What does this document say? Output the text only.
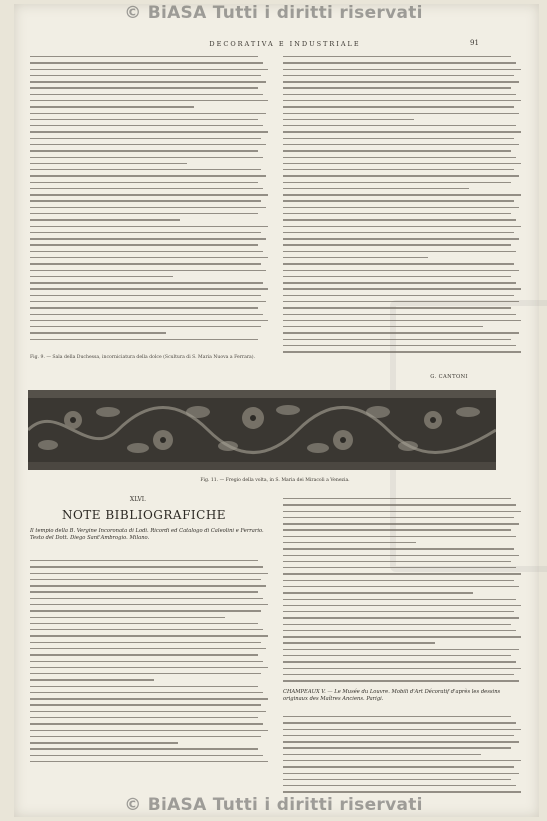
© BiASA Tutti i diritti riservati
© BiASA Tutti i diritti riservati
DECORATIVA E INDUSTRIALE	91
Fig. 9. — Sala della Duchessa, incorniciatura della dolce (Scultura di S. Maria Nuova a Ferrara).
G. CANTONI
Fig. 11. — Fregio della volta, in S. Maria dei Miracoli a Venezia.
XLVI.
NOTE BIBLIOGRAFICHE
Il tempio della B. Vergine Incoronata di Lodi. Ricordi ed Catalogo di Caleolini e Ferrario. Testo del Dott. Diego Sant'Ambrogio. Milano.
CHAMPEAUX V. — Le Musée du Louvre. Mobili d'Art Décoratif d'après les dessins originaux des Maîtres Anciens. Parigi.
